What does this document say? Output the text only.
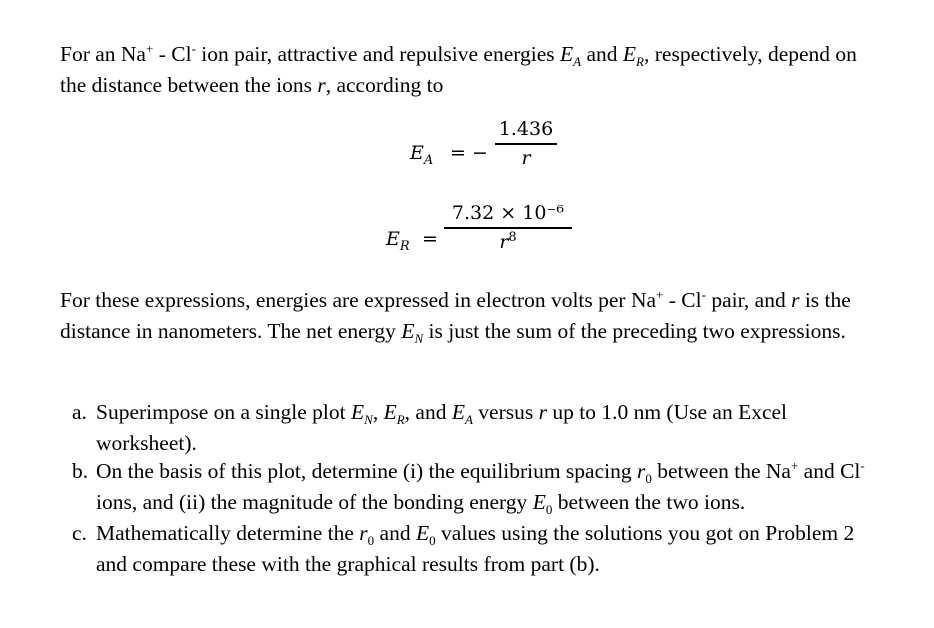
For an Na+ - Cl- ion pair, attractive and repulsive energies $E_A$ and $E_R$, respectively, depend on the distance between the ions r, according to
$E_A$ = −
1.436
r
$E_R$ =
7.32 × 10⁻⁶
$r^8$
For these expressions, energies are expressed in electron volts per Na+ - Cl- pair, and r is the distance in nanometers. The net energy $E_N$ is just the sum of the preceding two expressions.
a. Superimpose on a single plot $E_N$, $E_R$, and $E_A$ versus r up to 1.0 nm (Use an Excel worksheet).
b. On the basis of this plot, determine (i) the equilibrium spacing $r_0$ between the Na+ and Cl- ions, and (ii) the magnitude of the bonding energy $E_0$ between the two ions.
c. Mathematically determine the $r_0$ and $E_0$ values using the solutions you got on Problem 2 and compare these with the graphical results from part (b).
